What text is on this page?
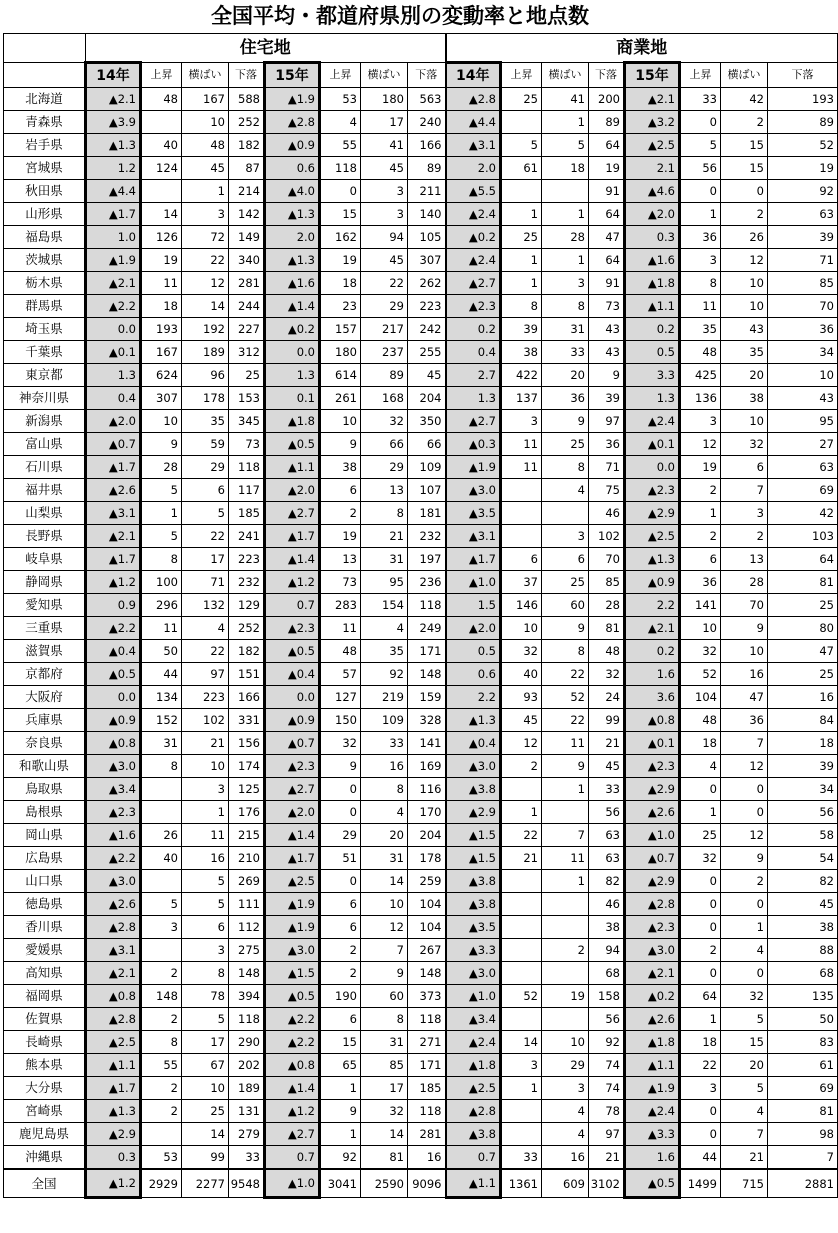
全国平均・都道府県別の変動率と地点数
	住宅地								商業地							
	14年	上昇	横ばい	下落	15年	上昇	横ばい	下落	14年	上昇	横ばい	下落	15年	上昇	横ばい	下落
北海道	▲2.1	48	167	588	▲1.9	53	180	563	▲2.8	25	41	200	▲2.1	33	42	193
青森県	▲3.9		10	252	▲2.8	4	17	240	▲4.4		1	89	▲3.2	0	2	89
岩手県	▲1.3	40	48	182	▲0.9	55	41	166	▲3.1	5	5	64	▲2.5	5	15	52
宮城県	1.2	124	45	87	0.6	118	45	89	2.0	61	18	19	2.1	56	15	19
秋田県	▲4.4		1	214	▲4.0	0	3	211	▲5.5			91	▲4.6	0	0	92
山形県	▲1.7	14	3	142	▲1.3	15	3	140	▲2.4	1	1	64	▲2.0	1	2	63
福島県	1.0	126	72	149	2.0	162	94	105	▲0.2	25	28	47	0.3	36	26	39
茨城県	▲1.9	19	22	340	▲1.3	19	45	307	▲2.4	1	1	64	▲1.6	3	12	71
栃木県	▲2.1	11	12	281	▲1.6	18	22	262	▲2.7	1	3	91	▲1.8	8	10	85
群馬県	▲2.2	18	14	244	▲1.4	23	29	223	▲2.3	8	8	73	▲1.1	11	10	70
埼玉県	0.0	193	192	227	▲0.2	157	217	242	0.2	39	31	43	0.2	35	43	36
千葉県	▲0.1	167	189	312	0.0	180	237	255	0.4	38	33	43	0.5	48	35	34
東京都	1.3	624	96	25	1.3	614	89	45	2.7	422	20	9	3.3	425	20	10
神奈川県	0.4	307	178	153	0.1	261	168	204	1.3	137	36	39	1.3	136	38	43
新潟県	▲2.0	10	35	345	▲1.8	10	32	350	▲2.7	3	9	97	▲2.4	3	10	95
富山県	▲0.7	9	59	73	▲0.5	9	66	66	▲0.3	11	25	36	▲0.1	12	32	27
石川県	▲1.7	28	29	118	▲1.1	38	29	109	▲1.9	11	8	71	0.0	19	6	63
福井県	▲2.6	5	6	117	▲2.0	6	13	107	▲3.0		4	75	▲2.3	2	7	69
山梨県	▲3.1	1	5	185	▲2.7	2	8	181	▲3.5			46	▲2.9	1	3	42
長野県	▲2.1	5	22	241	▲1.7	19	21	232	▲3.1		3	102	▲2.5	2	2	103
岐阜県	▲1.7	8	17	223	▲1.4	13	31	197	▲1.7	6	6	70	▲1.3	6	13	64
静岡県	▲1.2	100	71	232	▲1.2	73	95	236	▲1.0	37	25	85	▲0.9	36	28	81
愛知県	0.9	296	132	129	0.7	283	154	118	1.5	146	60	28	2.2	141	70	25
三重県	▲2.2	11	4	252	▲2.3	11	4	249	▲2.0	10	9	81	▲2.1	10	9	80
滋賀県	▲0.4	50	22	182	▲0.5	48	35	171	0.5	32	8	48	0.2	32	10	47
京都府	▲0.5	44	97	151	▲0.4	57	92	148	0.6	40	22	32	1.6	52	16	25
大阪府	0.0	134	223	166	0.0	127	219	159	2.2	93	52	24	3.6	104	47	16
兵庫県	▲0.9	152	102	331	▲0.9	150	109	328	▲1.3	45	22	99	▲0.8	48	36	84
奈良県	▲0.8	31	21	156	▲0.7	32	33	141	▲0.4	12	11	21	▲0.1	18	7	18
和歌山県	▲3.0	8	10	174	▲2.3	9	16	169	▲3.0	2	9	45	▲2.3	4	12	39
鳥取県	▲3.4		3	125	▲2.7	0	8	116	▲3.8		1	33	▲2.9	0	0	34
島根県	▲2.3		1	176	▲2.0	0	4	170	▲2.9	1		56	▲2.6	1	0	56
岡山県	▲1.6	26	11	215	▲1.4	29	20	204	▲1.5	22	7	63	▲1.0	25	12	58
広島県	▲2.2	40	16	210	▲1.7	51	31	178	▲1.5	21	11	63	▲0.7	32	9	54
山口県	▲3.0		5	269	▲2.5	0	14	259	▲3.8		1	82	▲2.9	0	2	82
徳島県	▲2.6	5	5	111	▲1.9	6	10	104	▲3.8			46	▲2.8	0	0	45
香川県	▲2.8	3	6	112	▲1.9	6	12	104	▲3.5			38	▲2.3	0	1	38
愛媛県	▲3.1		3	275	▲3.0	2	7	267	▲3.3		2	94	▲3.0	2	4	88
高知県	▲2.1	2	8	148	▲1.5	2	9	148	▲3.0			68	▲2.1	0	0	68
福岡県	▲0.8	148	78	394	▲0.5	190	60	373	▲1.0	52	19	158	▲0.2	64	32	135
佐賀県	▲2.8	2	5	118	▲2.2	6	8	118	▲3.4			56	▲2.6	1	5	50
長崎県	▲2.5	8	17	290	▲2.2	15	31	271	▲2.4	14	10	92	▲1.8	18	15	83
熊本県	▲1.1	55	67	202	▲0.8	65	85	171	▲1.8	3	29	74	▲1.1	22	20	61
大分県	▲1.7	2	10	189	▲1.4	1	17	185	▲2.5	1	3	74	▲1.9	3	5	69
宮崎県	▲1.3	2	25	131	▲1.2	9	32	118	▲2.8		4	78	▲2.4	0	4	81
鹿児島県	▲2.9		14	279	▲2.7	1	14	281	▲3.8		4	97	▲3.3	0	7	98
沖縄県	0.3	53	99	33	0.7	92	81	16	0.7	33	16	21	1.6	44	21	7
全国	▲1.2	2929	2277	9548	▲1.0	3041	2590	9096	▲1.1	1361	609	3102	▲0.5	1499	715	2881
